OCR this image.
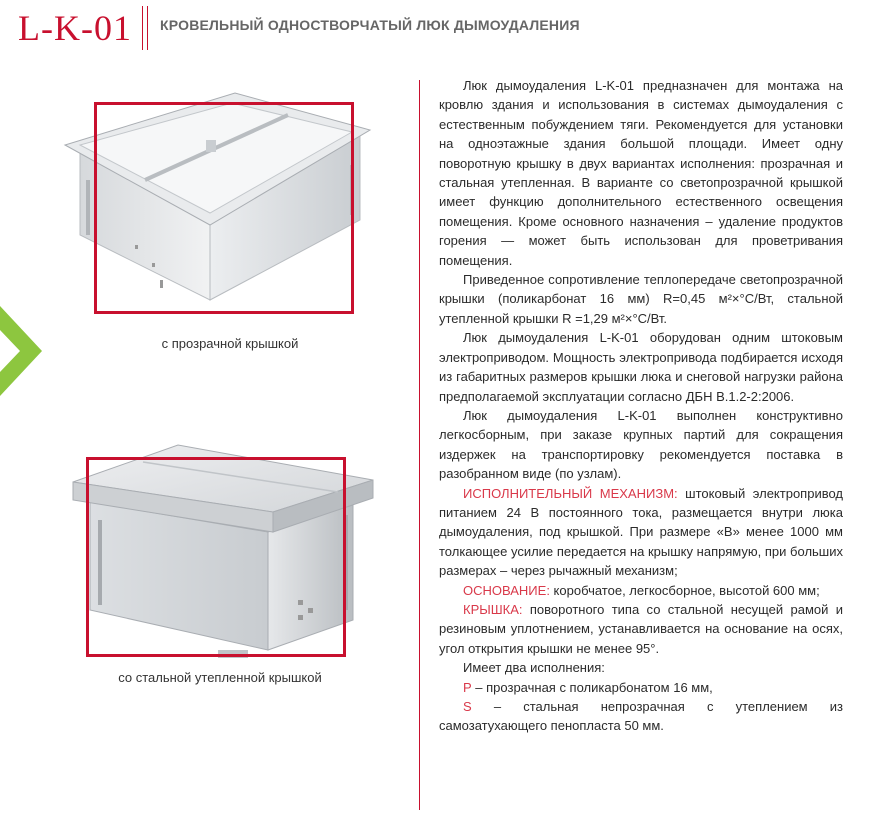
L-K-01 КРОВЕЛЬНЫЙ ОДНОСТВОРЧАТЫЙ ЛЮК ДЫМОУДАЛЕНИЯ
с прозрачной крышкой
со стальной утепленной крышкой

Люк дымоудаления L-K-01 предназначен для монтажа на кровлю здания и использования в системах дымоудаления с естественным побуждением тяги. Рекомендуется для установки на одноэтажные здания большой площади. Имеет одну поворотную крышку в двух вариантах исполнения: прозрачная и стальная утепленная. В варианте со светопрозрачной крышкой имеет функцию дополнительного естественного освещения помещения. Кроме основного назначения – удаление продуктов горения — может быть использован для проветривания помещения.

Приведенное сопротивление теплопередаче светопрозрачной крышки (поликарбонат 16 мм) R=0,45 м²×°С/Вт, стальной утепленной крышки R =1,29 м²×°С/Вт.

Люк дымоудаления L-K-01 оборудован одним штоковым электроприводом. Мощность электропривода подбирается исходя из габаритных размеров крышки люка и снеговой нагрузки района предполагаемой эксплуатации согласно ДБН В.1.2-2:2006.

Люк дымоудаления L-K-01 выполнен конструктивно легкосборным, при заказе крупных партий для сокращения издержек на транспортировку рекомендуется поставка в разобранном виде (по узлам).

ИСПОЛНИТЕЛЬНЫЙ МЕХАНИЗМ: штоковый электропривод питанием 24 В постоянного тока, размещается внутри люка дымоудаления, под крышкой. При размере «В» менее 1000 мм толкающее усилие передается на крышку напрямую, при больших размерах – через рычажный механизм;

ОСНОВАНИЕ: коробчатое, легкосборное, высотой 600 мм;

КРЫШКА: поворотного типа со стальной несущей рамой и резиновым уплотнением, устанавливается на основание на осях, угол открытия крышки не менее 95°.

Имеет два исполнения:

Р – прозрачная с поликарбонатом 16 мм,

S – стальная непрозрачная с утеплением из самозатухающего пенопласта 50 мм.
